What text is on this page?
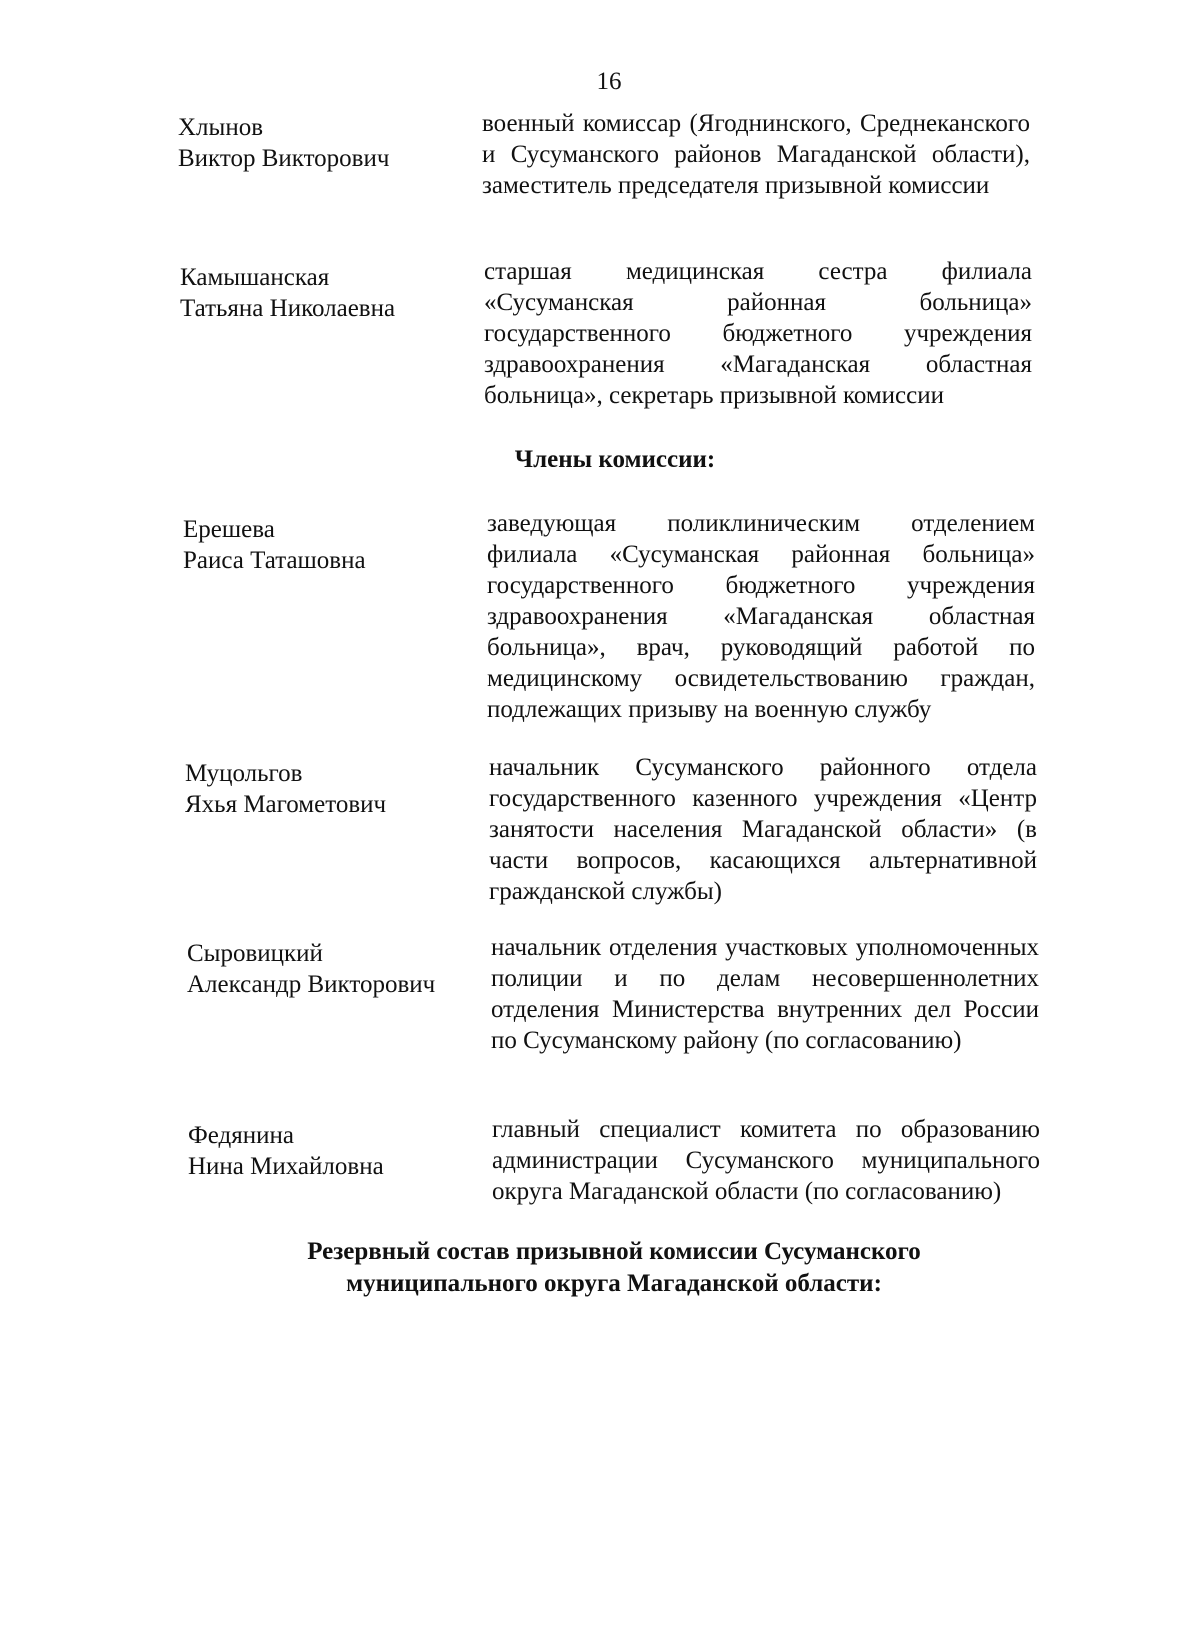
16
Хлынов
Виктор Викторович
военный комиссар (Ягоднинского, Среднеканского и Сусуманского районов Магаданской области), заместитель председателя призывной комиссии
Камышанская
Татьяна Николаевна
старшая медицинская сестра филиала «Сусуманская районная больница» государственного бюджетного учреждения здравоохранения «Магаданская областная больница», секретарь призывной комиссии
Члены комиссии:
Ерешева
Раиса Таташовна
заведующая поликлиническим отделением филиала «Сусуманская районная больница» государственного бюджетного учреждения здравоохранения «Магаданская областная больница», врач, руководящий работой по медицинскому освидетельствованию граждан, подлежащих призыву на военную службу
Муцольгов
Яхья Магометович
начальник Сусуманского районного отдела государственного казенного учреждения «Центр занятости населения Магаданской области» (в части вопросов, касающихся альтернативной гражданской службы)
Сыровицкий
Александр Викторович
начальник отделения участковых уполномоченных полиции и по делам несовершеннолетних отделения Министерства внутренних дел России по Сусуманскому району (по согласованию)
Федянина
Нина Михайловна
главный специалист комитета по образованию администрации Сусуманского муниципального округа Магаданской области (по согласованию)
Резервный состав призывной комиссии Сусуманского
муниципального округа Магаданской области:
